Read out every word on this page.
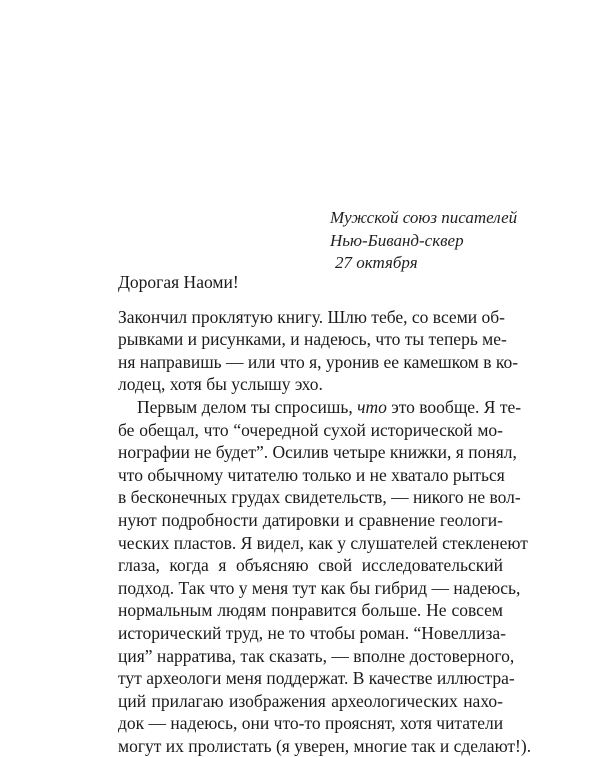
Мужской союз писателей
Нью-Биванд-сквер
27 октября
Дорогая Наоми!
Закончил проклятую книгу. Шлю тебе, со всеми об-
рывками и рисунками, и надеюсь, что ты теперь ме-
ня направишь — или что я, уронив ее камешком в ко-
лодец, хотя бы услышу эхо.
Первым делом ты спросишь, что это вообще. Я те-
бе обещал, что “очередной сухой исторической мо-
нографии не будет”. Осилив четыре книжки, я понял,
что обычному читателю только и не хватало рыться
в бесконечных грудах свидетельств, — никого не вол-
нуют подробности датировки и сравнение геологи-
ческих пластов. Я видел, как у слушателей стекленеют
глаза, когда я объясняю свой исследовательский
подход. Так что у меня тут как бы гибрид — надеюсь,
нормальным людям понравится больше. Не совсем
исторический труд, не то чтобы роман. “Новеллиза-
ция” нарратива, так сказать, — вполне достоверного,
тут археологи меня поддержат. В качестве иллюстра-
ций прилагаю изображения археологических нахо-
док — надеюсь, они что-то прояснят, хотя читатели
могут их пролистать (я уверен, многие так и сделают!).
